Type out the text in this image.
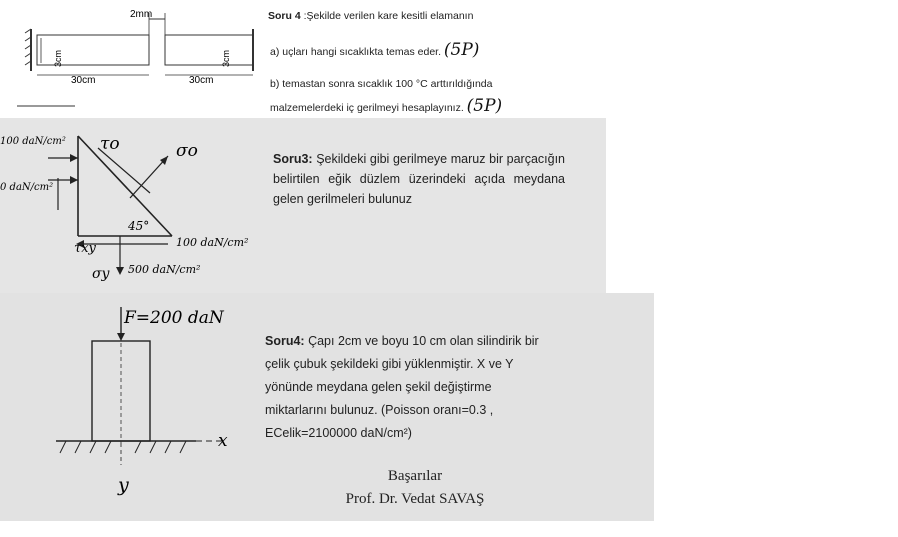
2mm
3cm
30cm
3cm
30cm
Soru 4 :Şekilde verilen kare kesitli elamanın
a) uçları hangi sıcaklıkta temas eder. (5P)
b) temastan sonra sıcaklık 100 °C arttırıldığında
malzemelerdeki iç gerilmeyi hesaplayınız. (5P)
τo	σo
100 daN/cm²
0 daN/cm²
45°
τxy	100 daN/cm²
σy 500 daN/cm²
Soru3: Şekildeki gibi gerilmeye maruz bir parçacığın belirtilen eğik düzlem üzerindeki açıda meydana gelen gerilmeleri bulunuz
F=200 daN
x
y
Soru4: Çapı 2cm ve boyu 10 cm olan silindirik bir
çelik çubuk şekildeki gibi yüklenmiştir. X ve Y
yönünde meydana gelen şekil değiştirme
miktarlarını bulunuz. (Poisson oranı=0.3 ,
ECelik=2100000 daN/cm²)
Başarılar
Prof. Dr. Vedat SAVAŞ
